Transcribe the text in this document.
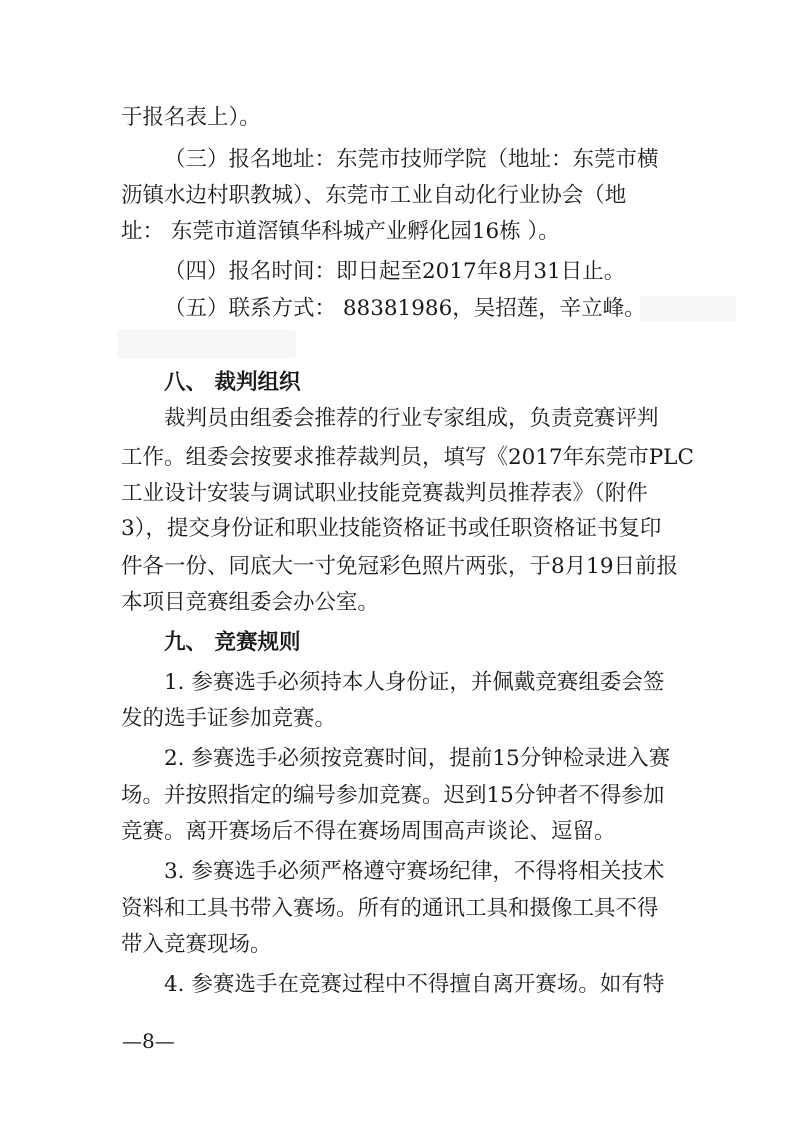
于报名表上）。
（三）报名地址：东莞市技师学院（地址：东莞市横
沥镇水边村职教城）、东莞市工业自动化行业协会（地
址： 东莞市道滘镇华科城产业孵化园16栋 ）。
（四）报名时间：即日起至2017年8月31日止。
（五）联系方式： 88381986，吴招莲，辛立峰。
八、 裁判组织
裁判员由组委会推荐的行业专家组成，负责竞赛评判
工作。组委会按要求推荐裁判员，填写《2017年东莞市PLC
工业设计安装与调试职业技能竞赛裁判员推荐表》（附件
3），提交身份证和职业技能资格证书或任职资格证书复印
件各一份、同底大一寸免冠彩色照片两张，于8月19日前报
本项目竞赛组委会办公室。
九、 竞赛规则
1. 参赛选手必须持本人身份证，并佩戴竞赛组委会签
发的选手证参加竞赛。
2. 参赛选手必须按竞赛时间，提前15分钟检录进入赛
场。并按照指定的编号参加竞赛。迟到15分钟者不得参加
竞赛。离开赛场后不得在赛场周围高声谈论、逗留。
3. 参赛选手必须严格遵守赛场纪律，不得将相关技术
资料和工具书带入赛场。所有的通讯工具和摄像工具不得
带入竞赛现场。
4. 参赛选手在竞赛过程中不得擅自离开赛场。如有特
—8—
